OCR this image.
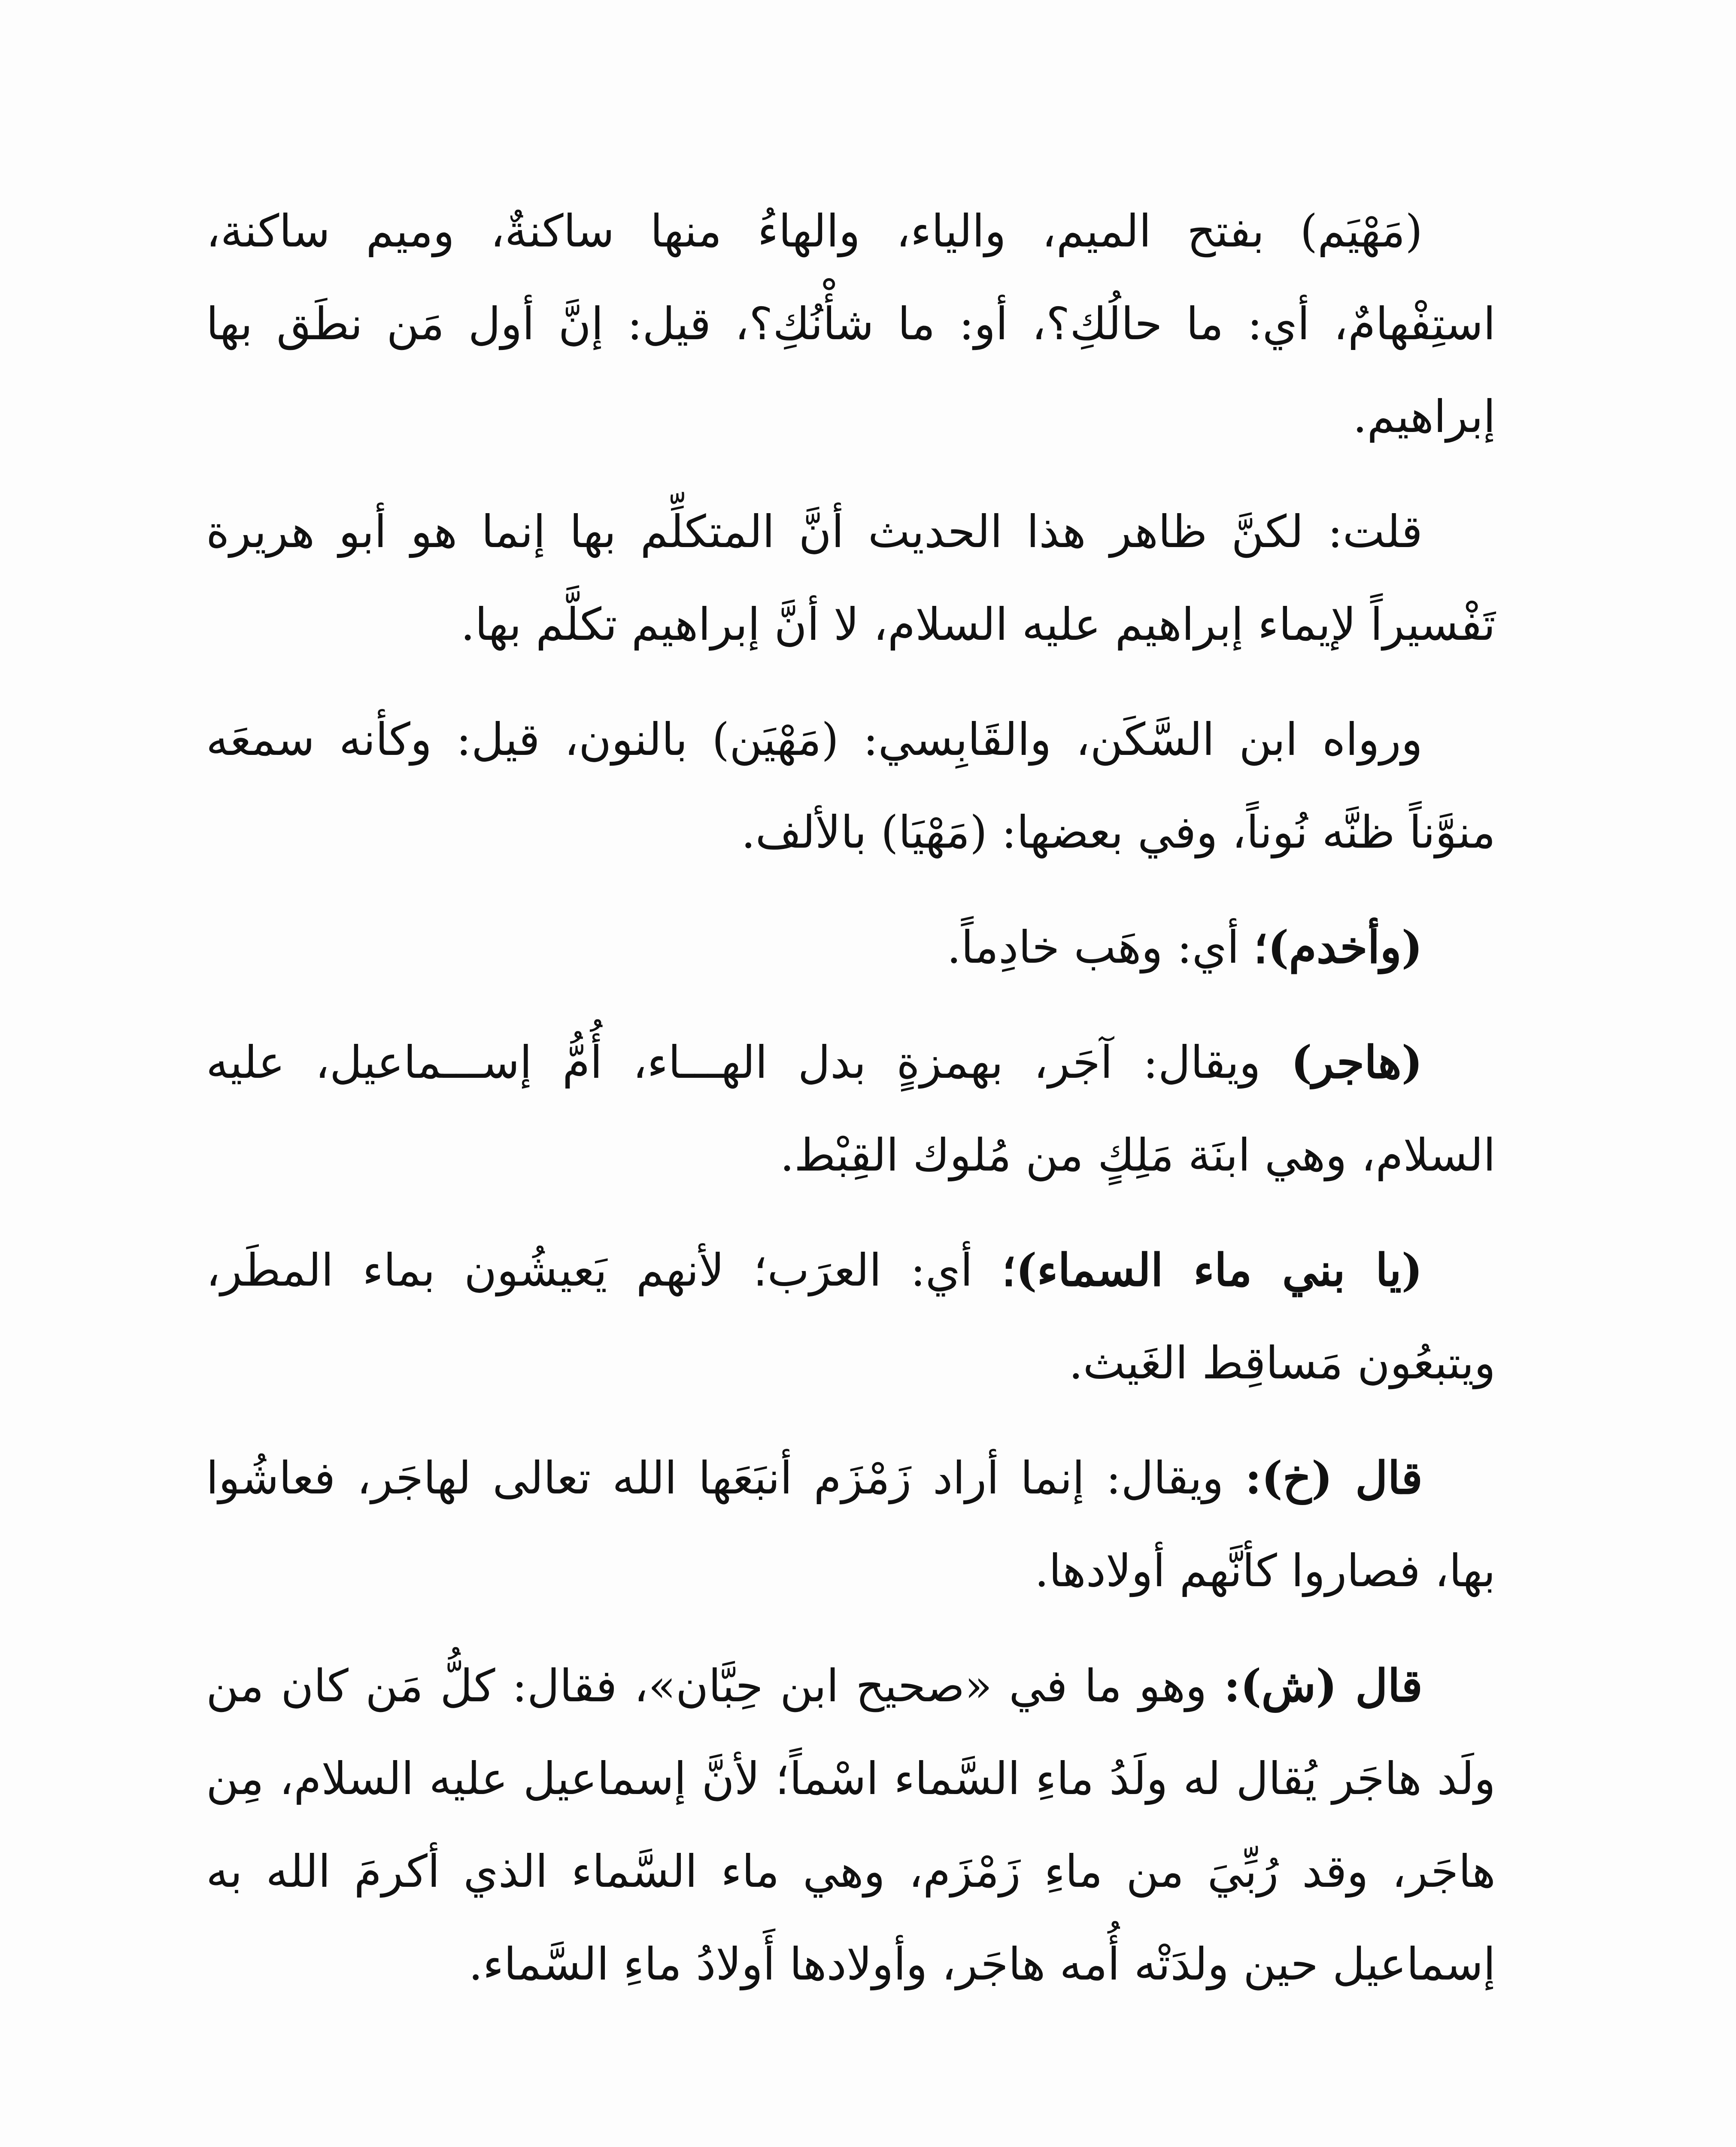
(مَهْيَم) بفتح الميم، والياء، والهاءُ منها ساكنةٌ، وميم ساكنة، استِفْهامٌ، أي: ما حالُكِ؟، أو: ما شأْنُكِ؟، قيل: إنَّ أول مَن نطَق بها إبراهيم.

قلت: لكنَّ ظاهر هذا الحديث أنَّ المتكلِّم بها إنما هو أبو هريرة تَفْسيراً لإيماء إبراهيم عليه السلام، لا أنَّ إبراهيم تكلَّم بها.

ورواه ابن السَّكَن، والقَابِسي: (مَهْيَن) بالنون، قيل: وكأنه سمعَه منوَّناً ظنَّه نُوناً، وفي بعضها: (مَهْيَا) بالألف.

(وأخدم)؛ أي: وهَب خادِماً.

(هاجر) ويقال: آجَر، بهمزةٍ بدل الهـــاء، أُمُّ إســـماعيل، عليه السلام، وهي ابنَة مَلِكٍ من مُلوك القِبْط.

(يا بني ماء السماء)؛ أي: العرَب؛ لأنهم يَعيشُون بماء المطَر، ويتبعُون مَساقِط الغَيث.

قال (خ): ويقال: إنما أراد زَمْزَم أنبَعَها الله تعالى لهاجَر، فعاشُوا بها، فصاروا كأنَّهم أولادها.

قال (ش): وهو ما في «صحيح ابن حِبَّان»، فقال: كلُّ مَن كان من ولَد هاجَر يُقال له ولَدُ ماءِ السَّماء اسْماً؛ لأنَّ إسماعيل عليه السلام، مِن هاجَر، وقد رُبِّيَ من ماءِ زَمْزَم، وهي ماء السَّماء الذي أكرمَ الله به إسماعيل حين ولدَتْه أُمه هاجَر، وأولادها أَولادُ ماءِ السَّماء.
